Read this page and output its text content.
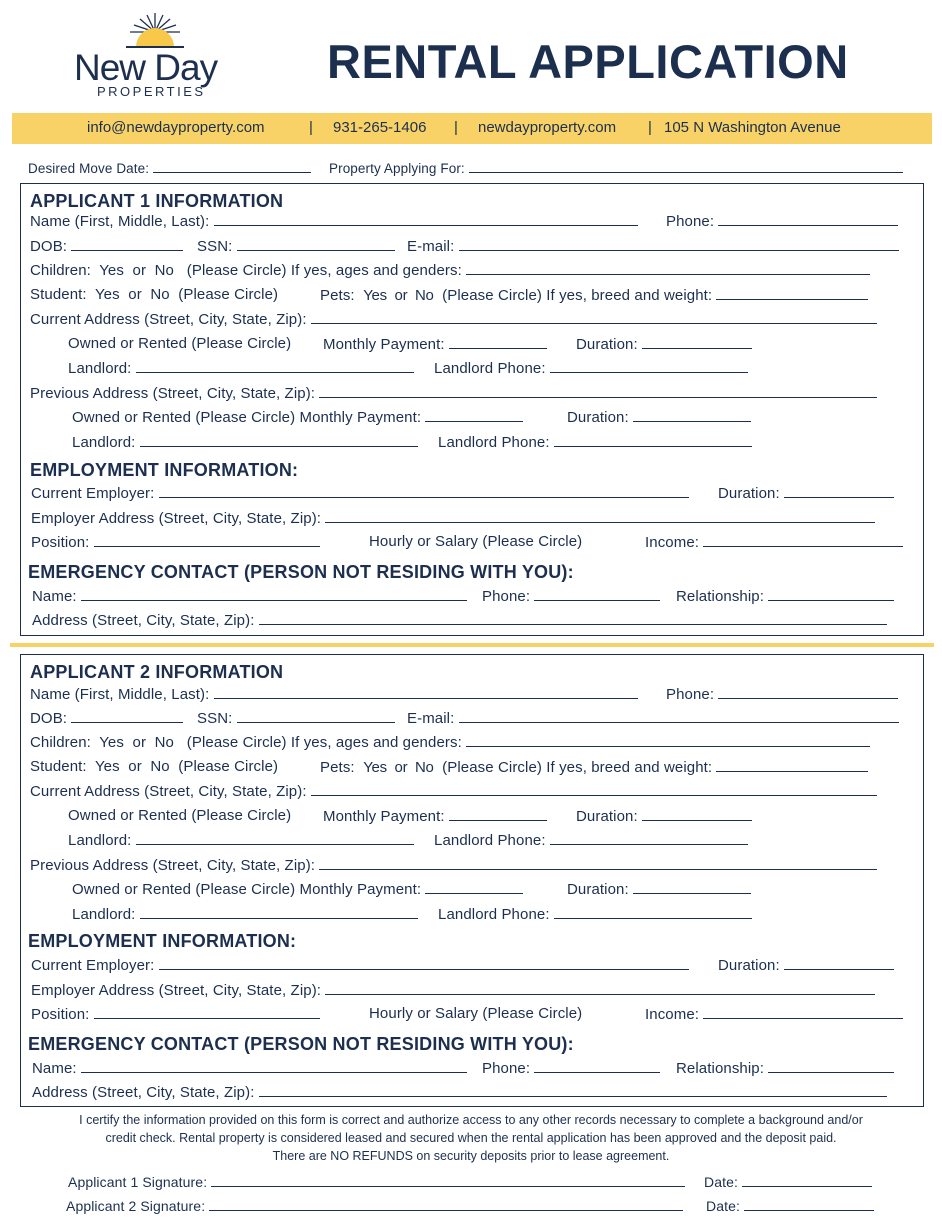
New Day
PROPERTIES
RENTAL APPLICATION
info@newdayproperty.com	| 931-265-1406 | newdayproperty.com | 105 N Washington Avenue
Desired Move Date:	Property Applying For:
APPLICANT 1 INFORMATION
Name (First, Middle, Last):	Phone:
DOB:	SSN:	E-mail:
Children: Yes  or  No (Please Circle) If yes, ages and genders:
Student: Yes  or  No (Please Circle)	Pets: Yes  or  No (Please Circle) If yes, breed and weight:
Current Address (Street, City, State, Zip):
Owned or Rented (Please Circle) Monthly Payment:	Duration:
Landlord:	Landlord Phone:
Previous Address (Street, City, State, Zip):
Owned or Rented (Please Circle) Monthly Payment:	Duration:
Landlord:	Landlord Phone:
EMPLOYMENT INFORMATION:
Current Employer:	Duration:
Employer Address (Street, City, State, Zip):
Position:	Hourly or Salary (Please Circle)	Income:
EMERGENCY CONTACT (PERSON NOT RESIDING WITH YOU):
Name:	Phone:	Relationship:
Address (Street, City, State, Zip):
APPLICANT 2 INFORMATION
Name (First, Middle, Last):	Phone:
DOB:	SSN:	E-mail:
Children: Yes  or  No (Please Circle) If yes, ages and genders:
Student: Yes  or  No (Please Circle)	Pets: Yes  or  No (Please Circle) If yes, breed and weight:
Current Address (Street, City, State, Zip):
Owned or Rented (Please Circle) Monthly Payment:	Duration:
Landlord:	Landlord Phone:
Previous Address (Street, City, State, Zip):
Owned or Rented (Please Circle) Monthly Payment:	Duration:
Landlord:	Landlord Phone:
EMPLOYMENT INFORMATION:
Current Employer:	Duration:
Employer Address (Street, City, State, Zip):
Position:	Hourly or Salary (Please Circle)	Income:
EMERGENCY CONTACT (PERSON NOT RESIDING WITH YOU):
Name:	Phone:	Relationship:
Address (Street, City, State, Zip):
I certify the information provided on this form is correct and authorize access to any other records necessary to complete a background and/or
credit check. Rental property is considered leased and secured when the rental application has been approved and the deposit paid.
There are NO REFUNDS on security deposits prior to lease agreement.
Applicant 1 Signature:	Date:
Applicant 2 Signature:	Date:
